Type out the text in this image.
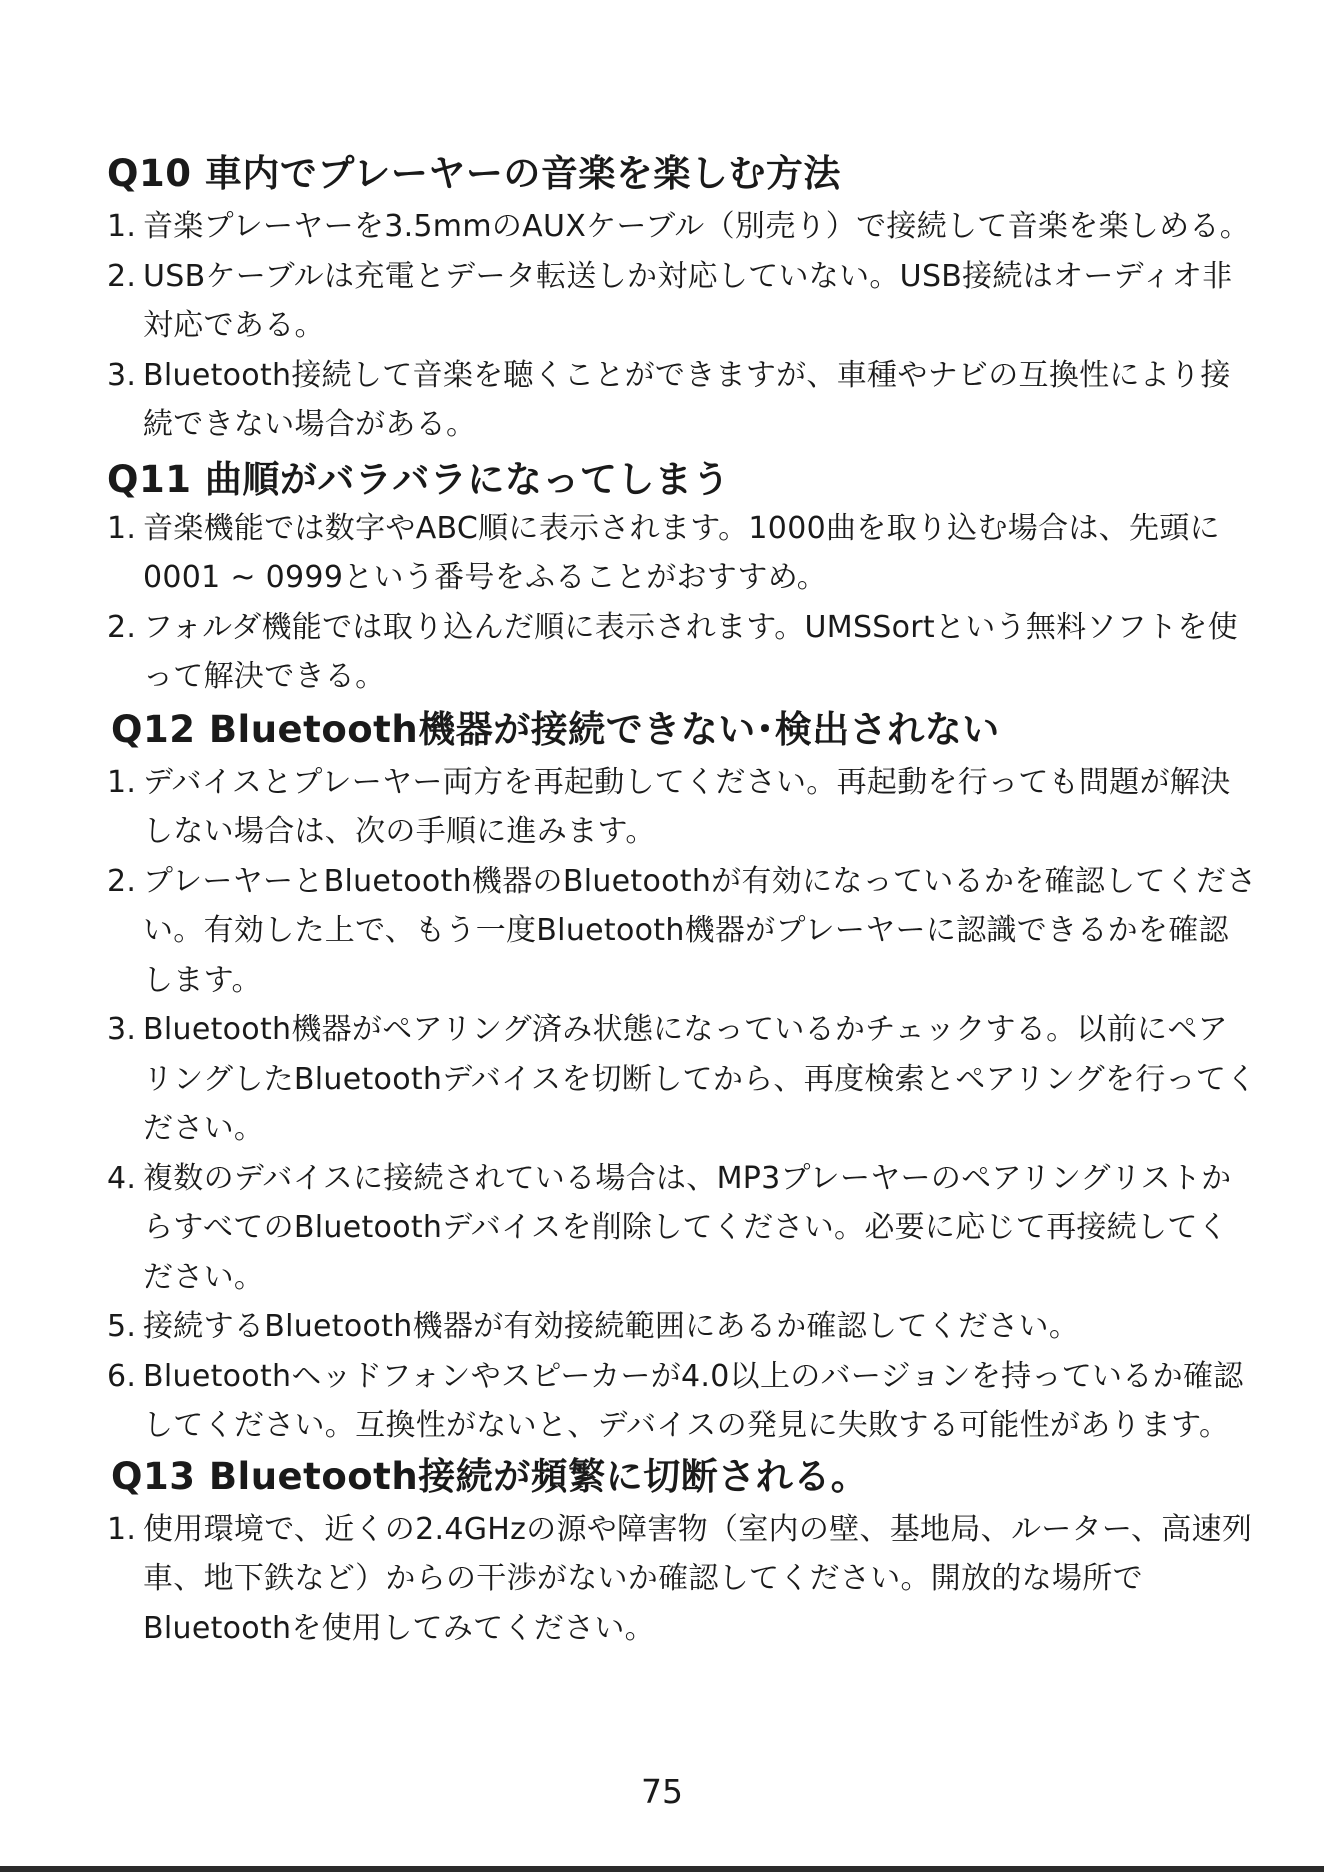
Q10 車内でプレーヤーの音楽を楽しむ方法
1. 音楽プレーヤーを3.5mmのAUXケーブル（別売り）で接続して音楽を楽しめる。
2. USBケーブルは充電とデータ転送しか対応していない。USB接続はオーディオ非対応である。
3. Bluetooth接続して音楽を聴くことができますが、車種やナビの互換性により接続できない場合がある。
Q11 曲順がバラバラになってしまう
1. 音楽機能では数字やABC順に表示されます。1000曲を取り込む場合は、先頭に0001 ~ 0999という番号をふることがおすすめ。
2. フォルダ機能では取り込んだ順に表示されます。UMSSortという無料ソフトを使って解決できる。
Q12 Bluetooth機器が接続できない･検出されない
1. デバイスとプレーヤー両方を再起動してください。再起動を行っても問題が解決しない場合は、次の手順に進みます。
2. プレーヤーとBluetooth機器のBluetoothが有効になっているかを確認してください。有効した上で、もう一度Bluetooth機器がプレーヤーに認識できるかを確認します。
3. Bluetooth機器がペアリング済み状態になっているかチェックする。以前にペアリングしたBluetoothデバイスを切断してから、再度検索とペアリングを行ってください。
4. 複数のデバイスに接続されている場合は、MP3プレーヤーのペアリングリストからすべてのBluetoothデバイスを削除してください。必要に応じて再接続してください。
5. 接続するBluetooth機器が有効接続範囲にあるか確認してください。
6. Bluetoothヘッドフォンやスピーカーが4.0以上のバージョンを持っているか確認してください。互換性がないと、デバイスの発見に失敗する可能性があります。
Q13 Bluetooth接続が頻繁に切断される。
1. 使用環境で、近くの2.4GHzの源や障害物（室内の壁、基地局、ルーター、高速列車、地下鉄など）からの干渉がないか確認してください。開放的な場所でBluetoothを使用してみてください。
75
